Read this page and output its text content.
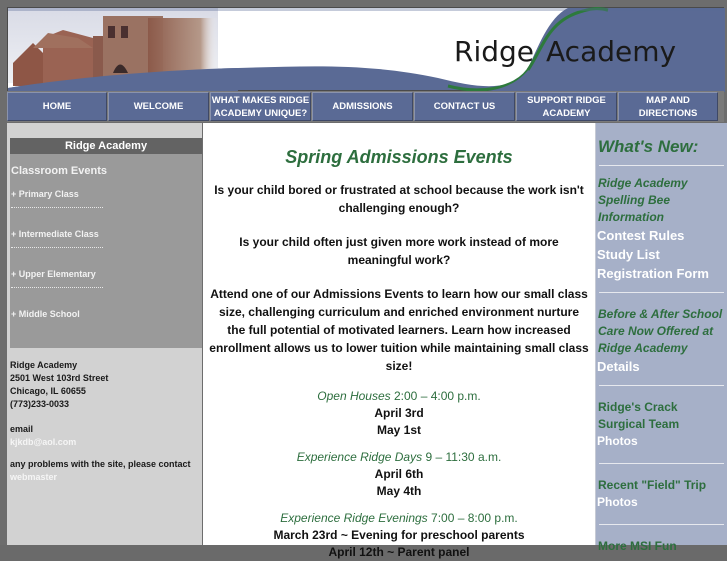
Ridge Academy
HOME	WELCOME
WHAT MAKES RIDGE ACADEMY UNIQUE?
ADMISSIONS	CONTACT US
SUPPORT RIDGE ACADEMY
MAP AND DIRECTIONS
Ridge Academy
Classroom Events
+ Primary Class
+ Intermediate Class
+ Upper Elementary
+ Middle School
Ridge Academy
2501 West 103rd Street
Chicago, IL 60655
(773)233-0033
email
kjkdb@aol.com
any problems with the site, please contact
webmaster
Spring Admissions Events

Is your child bored or frustrated at school because the work isn't challenging enough?

Is your child often just given more work instead of more meaningful work?

Attend one of our Admissions Events to learn how our small class size, challenging curriculum and enriched environment nurture the full potential of motivated learners. Learn how increased enrollment allows us to lower tuition while maintaining small class size!

Open Houses 2:00 – 4:00 p.m.
April 3rd
May 1st
Experience Ridge Days 9 – 11:30 a.m.
April 6th
May 4th
Experience Ridge Evenings 7:00 – 8:00 p.m.
March 23rd ~ Evening for preschool parents
April 12th ~ Parent panel
What's New:
Ridge Academy
Spelling Bee
Information
Contest Rules
Study List
Registration Form
Before & After School
Care Now Offered at
Ridge Academy
Details
Ridge's Crack
Surgical Team
Photos
Recent "Field" Trip
Photos
More MSI Fun
